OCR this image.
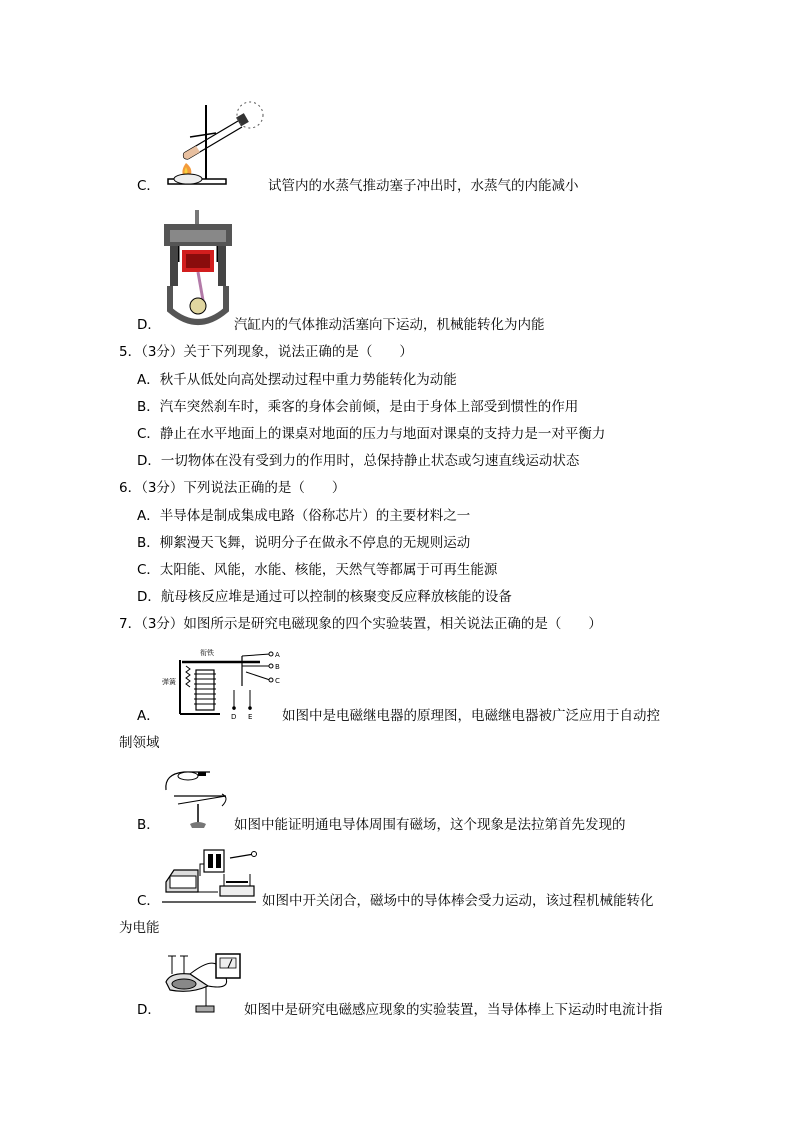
C．	试管内的水蒸气推动塞子冲出时，水蒸气的内能减小
D．	汽缸内的气体推动活塞向下运动，机械能转化为内能
5．（3分）关于下列现象，说法正确的是（　　）
A．秋千从低处向高处摆动过程中重力势能转化为动能
B．汽车突然刹车时，乘客的身体会前倾，是由于身体上部受到惯性的作用
C．静止在水平地面上的课桌对地面的压力与地面对课桌的支持力是一对平衡力
D．一切物体在没有受到力的作用时，总保持静止状态或匀速直线运动状态
6．（3分）下列说法正确的是（　　）
A．半导体是制成集成电路（俗称芯片）的主要材料之一
B．柳絮漫天飞舞，说明分子在做永不停息的无规则运动
C．太阳能、风能，水能、核能，天然气等都属于可再生能源
D．航母核反应堆是通过可以控制的核聚变反应释放核能的设备
7．（3分）如图所示是研究电磁现象的四个实验装置，相关说法正确的是（　　）
衔铁
弹簧
A
B
C
D E
A．	如图中是电磁继电器的原理图，电磁继电器被广泛应用于自动控
制领域
B．	如图中能证明通电导体周围有磁场，这个现象是法拉第首先发现的
C．	如图中开关闭合，磁场中的导体棒会受力运动，该过程机械能转化
为电能
D．	如图中是研究电磁感应现象的实验装置，当导体棒上下运动时电流计指
